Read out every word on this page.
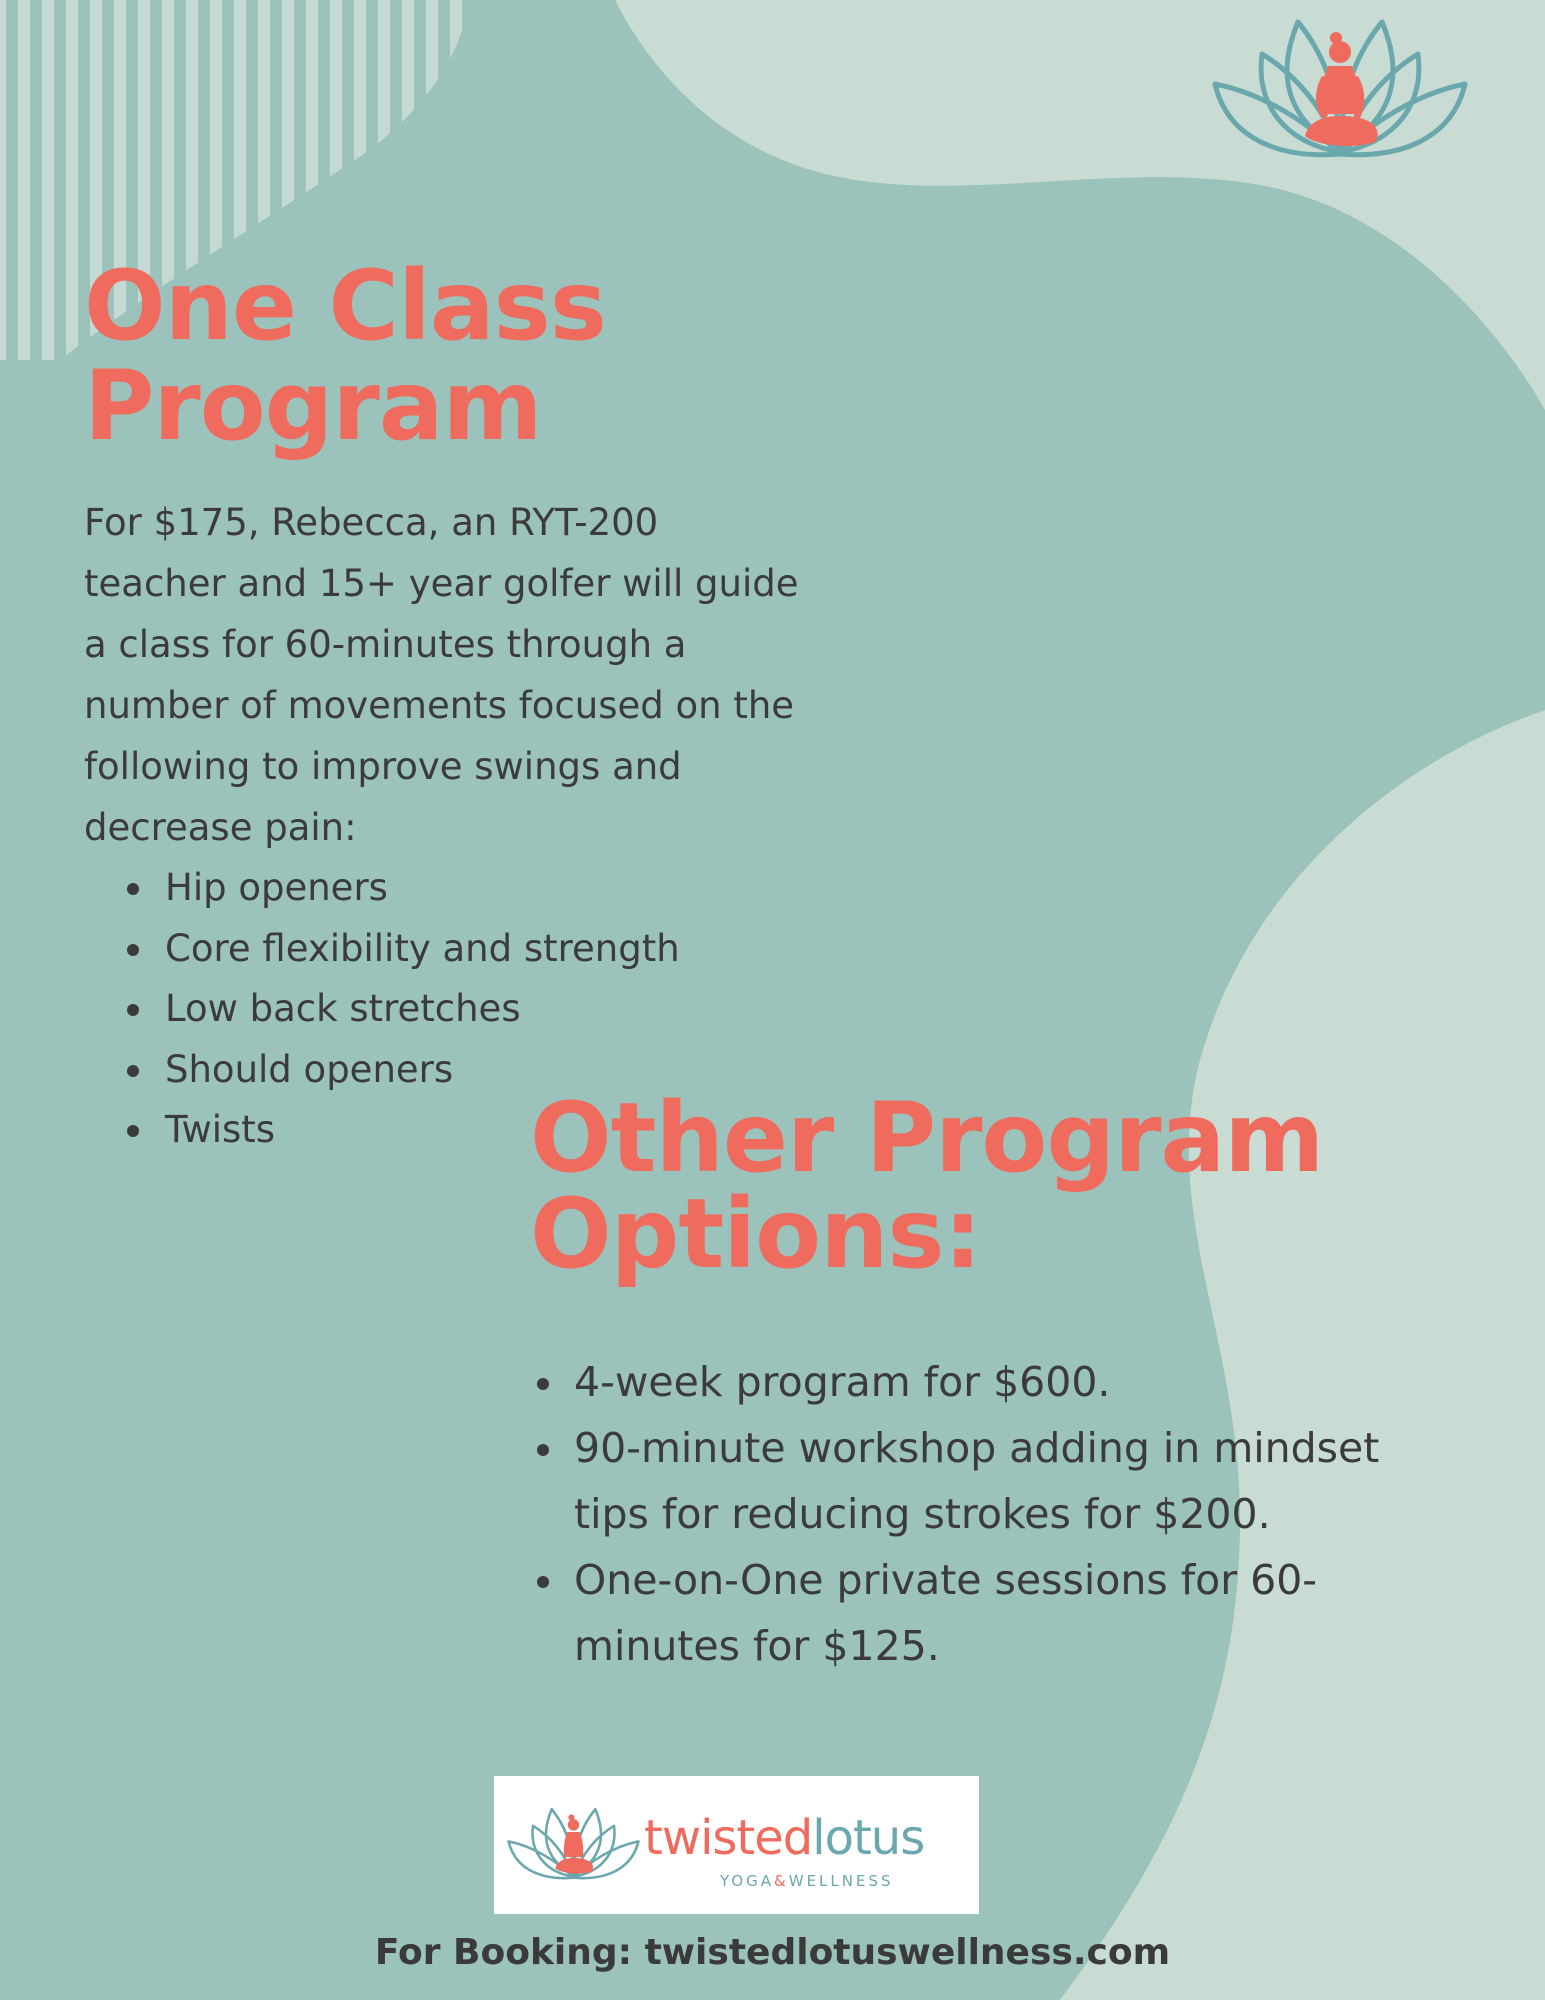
One Class
Program

For $175, Rebecca, an RYT-200

teacher and 15+ year golfer will guide

a class for 60-minutes through a

number of movements focused on the

following to improve swings and

decrease pain:

Hip openers
Core flexibility and strength
Low back stretches
Should openers
Twists	Other Program
Options:
4-week program for $600.
90-minute workshop adding in mindset
tips for reducing strokes for $200.
One-on-One private sessions for 60-
minutes for $125.
twistedlotus
YOGA&WELLNESS
For Booking: twistedlotuswellness.com
